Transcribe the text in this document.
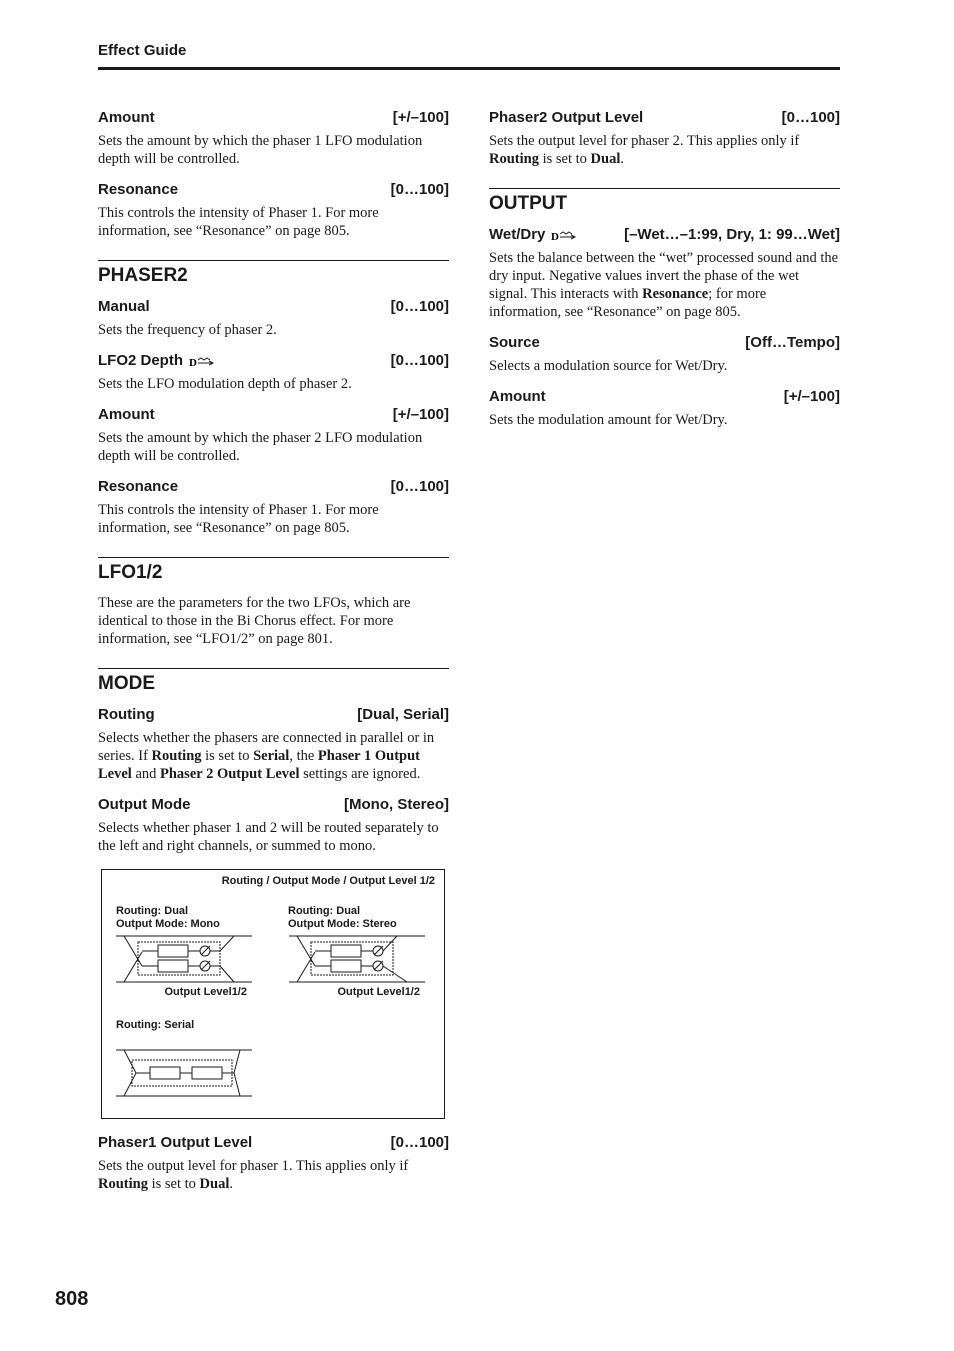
Effect Guide
Amount	[+/–100]

Sets the amount by which the phaser 1 LFO modulation depth will be controlled.

Resonance	[0…100]

This controls the intensity of Phaser 1. For more information, see “Resonance” on page 805.

PHASER2
Manual	[0…100]

Sets the frequency of phaser 2.

LFO2 Depth D	[0…100]

Sets the LFO modulation depth of phaser 2.

Amount	[+/–100]

Sets the amount by which the phaser 2 LFO modulation depth will be controlled.

Resonance	[0…100]

This controls the intensity of Phaser 1. For more information, see “Resonance” on page 805.

LFO1/2

These are the parameters for the two LFOs, which are identical to those in the Bi Chorus effect. For more information, see “LFO1/2” on page 801.

MODE
Routing	[Dual, Serial]

Selects whether the phasers are connected in parallel or in series. If Routing is set to Serial, the Phaser 1 Output Level and Phaser 2 Output Level settings are ignored.

Output Mode	[Mono, Stereo]

Selects whether phaser 1 and 2 will be routed separately to the left and right channels, or summed to mono.

Routing / Output Mode / Output Level 1/2
Routing: Dual
Output Mode: Mono
Output Level1/2
Routing: Dual
Output Mode: Stereo
Output Level1/2
Routing: Serial
Phaser1 Output Level	[0…100]

Sets the output level for phaser 1. This applies only if Routing is set to Dual.

Phaser2 Output Level	[0…100]

Sets the output level for phaser 2. This applies only if Routing is set to Dual.

OUTPUT
Wet/Dry D	[–Wet…–1:99, Dry, 1: 99…Wet]

Sets the balance between the “wet” processed sound and the dry input. Negative values invert the phase of the wet signal. This interacts with Resonance; for more information, see “Resonance” on page 805.

Source	[Off…Tempo]

Selects a modulation source for Wet/Dry.

Amount	[+/–100]

Sets the modulation amount for Wet/Dry.

808
